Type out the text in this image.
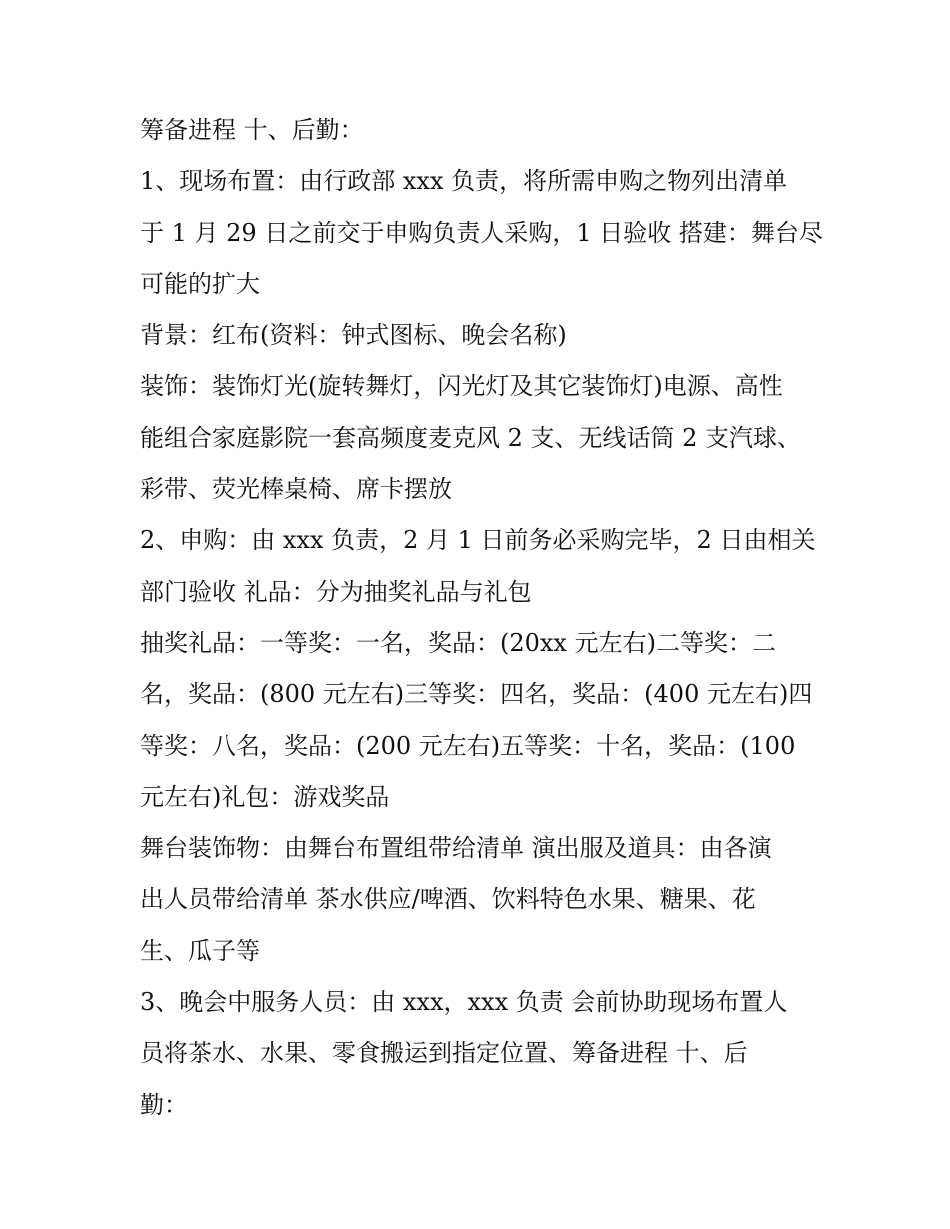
筹备进程 十、后勤：
1、现场布置：由行政部 xxx 负责，将所需申购之物列出清单
于 1 月 29 日之前交于申购负责人采购，1 日验收 搭建：舞台尽
可能的扩大
背景：红布(资料：钟式图标、晚会名称)
装饰：装饰灯光(旋转舞灯，闪光灯及其它装饰灯)电源、高性
能组合家庭影院一套高频度麦克风 2 支、无线话筒 2 支汽球、
彩带、荧光棒桌椅、席卡摆放
2、申购：由 xxx 负责，2 月 1 日前务必采购完毕，2 日由相关
部门验收 礼品：分为抽奖礼品与礼包
抽奖礼品：一等奖：一名，奖品：(20xx 元左右)二等奖：二
名，奖品：(800 元左右)三等奖：四名，奖品：(400 元左右)四
等奖：八名，奖品：(200 元左右)五等奖：十名，奖品：(100
元左右)礼包：游戏奖品
舞台装饰物：由舞台布置组带给清单 演出服及道具：由各演
出人员带给清单 茶水供应/啤酒、饮料特色水果、糖果、花
生、瓜子等
3、晚会中服务人员：由 xxx，xxx 负责 会前协助现场布置人
员将茶水、水果、零食搬运到指定位置、筹备进程 十、后
勤：
